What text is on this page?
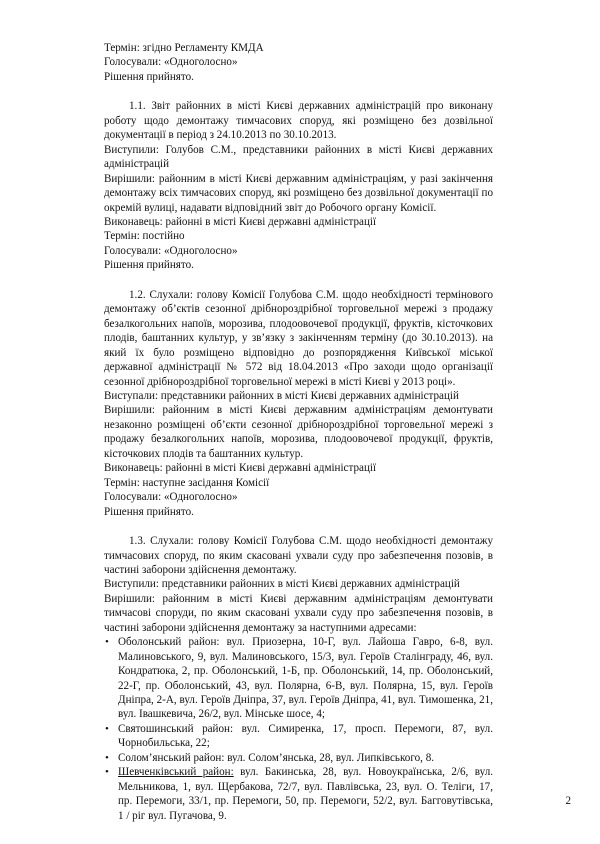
Термін: згідно Регламенту КМДА

Голосували: «Одноголосно»

Рішення прийнято.

1.1. Звіт районних в місті Києві державних адміністрацій про виконану роботу щодо демонтажу тимчасових споруд, які розміщено без дозвільної документації в період з 24.10.2013 по 30.10.2013.

Виступили: Голубов С.М., представники районних в місті Києві державних адміністрацій

Вирішили: районним в місті Києві державним адміністраціям, у разі закінчення демонтажу всіх тимчасових споруд, які розміщено без дозвільної документації по окремій вулиці, надавати відповідний звіт до Робочого органу Комісії.

Виконавець: районні в місті Києві державні адміністрації

Термін: постійно

Голосували: «Одноголосно»

Рішення прийнято.

1.2. Слухали: голову Комісії Голубова С.М. щодо необхідності термінового демонтажу об’єктів сезонної дрібнороздрібної торговельної мережі з продажу безалкогольних напоїв, морозива, плодоовочевої продукції, фруктів, кісточкових плодів, баштанних культур, у зв’язку з закінченням терміну (до 30.10.2013). на який їх було розміщено відповідно до розпорядження Київської міської державної адміністрації № 572 від 18.04.2013 «Про заходи щодо організації сезонної дрібнороздрібної торговельної мережі в місті Києві у 2013 році».

Виступали: представники районних в місті Києві державних адміністрацій

Вирішили: районним в місті Києві державним адміністраціям демонтувати незаконно розміщені об’єкти сезонної дрібнороздрібної торговельної мережі з продажу безалкогольних напоїв, морозива, плодоовочевої продукції, фруктів, кісточкових плодів та баштанних культур.

Виконавець: районні в місті Києві державні адміністрації

Термін: наступне засідання Комісії

Голосували: «Одноголосно»

Рішення прийнято.

1.3. Слухали: голову Комісії Голубова С.М. щодо необхідності демонтажу тимчасових споруд, по яким скасовані ухвали суду про забезпечення позовів, в частині заборони здійснення демонтажу.

Виступили: представники районних в місті Києві державних адміністрацій

Вирішили: районним в місті Києві державним адміністраціям демонтувати тимчасові споруди, по яким скасовані ухвали суду про забезпечення позовів, в частині заборони здійснення демонтажу за наступними адресами:

• Оболонський район: вул. Приозерна, 10-Г, вул. Лайоша Гавро, 6-8, вул. Малиновського, 9, вул. Малиновського, 15/3, вул. Героїв Сталінграду, 46, вул. Кондратюка, 2, пр. Оболонський, 1-Б, пр. Оболонський, 14, пр. Оболонський, 22-Г, пр. Оболонський, 43, вул. Полярна, 6-В, вул. Полярна, 15, вул. Героїв Дніпра, 2-А, вул. Героїв Дніпра, 37, вул. Героїв Дніпра, 41, вул. Тимошенка, 21, вул. Івашкевича, 26/2, вул. Мінське шосе, 4;
• Святошинський район: вул. Симиренка, 17, просп. Перемоги, 87, вул. Чорнобильська, 22;
• Солом’янський район: вул. Солом’янська, 28, вул. Липківського, 8.
• Шевченківський район: вул. Бакинська, 28, вул. Новоукраїнська, 2/6, вул. Мельникова, 1, вул. Щербакова, 72/7, вул. Павлівська, 23, вул. О. Теліги, 17, пр. Перемоги, 33/1, пр. Перемоги, 50, пр. Перемоги, 52/2, вул. Багговутівська, 1 / ріг вул. Пугачова, 9.
2
